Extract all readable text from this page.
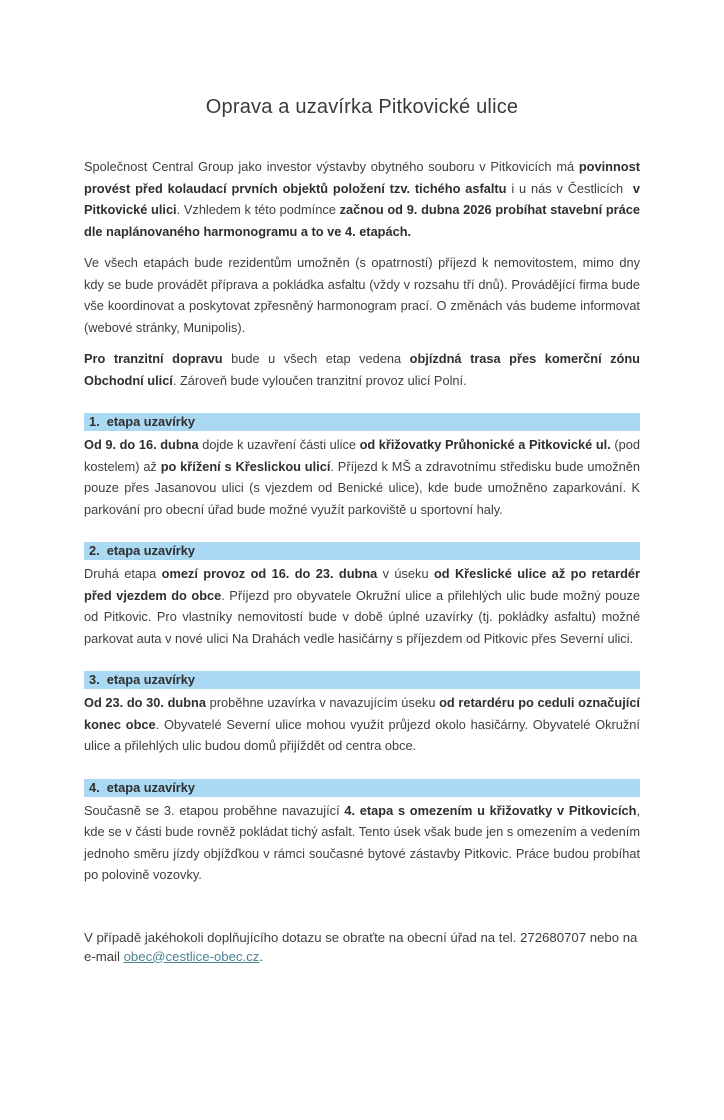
Oprava a uzavírka Pitkovické ulice

Společnost Central Group jako investor výstavby obytného souboru v Pitkovicích má povinnost provést před kolaudací prvních objektů položení tzv. tichého asfaltu i u nás v Čestlicích  v Pitkovické ulici. Vzhledem k této podmínce začnou od 9. dubna 2026 probíhat stavební práce dle naplánovaného harmonogramu a to ve 4. etapách.

Ve všech etapách bude rezidentům umožněn (s opatrností) příjezd k nemovitostem, mimo dny kdy se bude provádět příprava a pokládka asfaltu (vždy v rozsahu tří dnů). Provádějící firma bude vše koordinovat a poskytovat zpřesněný harmonogram prací. O změnách vás budeme informovat (webové stránky, Munipolis).

Pro tranzitní dopravu bude u všech etap vedena objízdná trasa přes komerční zónu Obchodní ulicí. Zároveň bude vyloučen tranzitní provoz ulicí Polní.

1.  etapa uzavírky

Od 9. do 16. dubna dojde k uzavření části ulice od křižovatky Průhonické a Pitkovické ul. (pod kostelem) až po křížení s Křeslickou ulicí. Příjezd k MŠ a zdravotnímu středisku bude umožněn pouze přes Jasanovou ulici (s vjezdem od Benické ulice), kde bude umožněno zaparkování. K parkování pro obecní úřad bude možné využít parkoviště u sportovní haly.

2.  etapa uzavírky

Druhá etapa omezí provoz od 16. do 23. dubna v úseku od Křeslické ulice až po retardér před vjezdem do obce. Příjezd pro obyvatele Okružní ulice a přilehlých ulic bude možný pouze od Pitkovic. Pro vlastníky nemovitostí bude v době úplné uzavírky (tj. pokládky asfaltu) možné parkovat auta v nové ulici Na Drahách vedle hasičárny s příjezdem od Pitkovic přes Severní ulici.

3.  etapa uzavírky

Od 23. do 30. dubna proběhne uzavírka v navazujícím úseku od retardéru po ceduli označující konec obce. Obyvatelé Severní ulice mohou využít průjezd okolo hasičárny. Obyvatelé Okružní ulice a přilehlých ulic budou domů přijíždět od centra obce.

4.  etapa uzavírky

Současně se 3. etapou proběhne navazující 4. etapa s omezením u křižovatky v Pitkovicích, kde se v části bude rovněž pokládat tichý asfalt. Tento úsek však bude jen s omezením a vedením jednoho směru jízdy objížďkou v rámci současné bytové zástavby Pitkovic. Práce budou probíhat po polovině vozovky.

V případě jakéhokoli doplňujícího dotazu se obraťte na obecní úřad na tel. 272680707 nebo na e-mail obec@cestlice-obec.cz.
